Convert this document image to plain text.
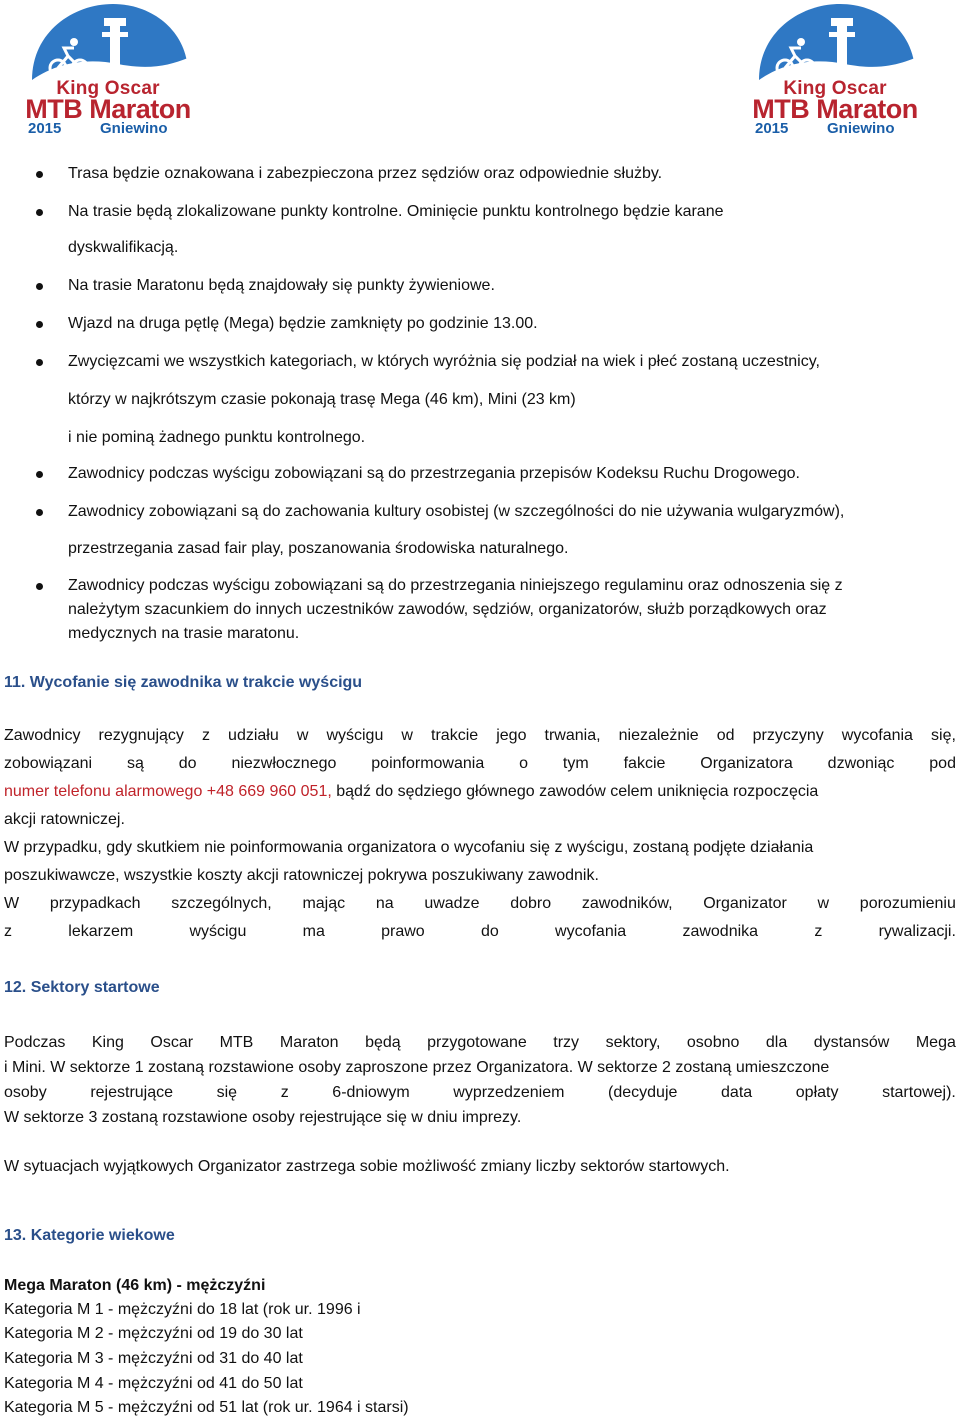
King Oscar
MTB Maraton
2015	Gniewino
King Oscar
MTB Maraton
2015	Gniewino
Trasa będzie oznakowana i zabezpieczona przez sędziów oraz odpowiednie służby.
Na trasie będą zlokalizowane punkty kontrolne. Ominięcie punktu kontrolnego będzie karane
dyskwalifikacją.
Na trasie Maratonu będą znajdowały się punkty żywieniowe.
Wjazd na druga pętlę (Mega) będzie zamknięty po godzinie 13.00.
Zwycięzcami we wszystkich kategoriach, w których wyróżnia się podział na wiek i płeć zostaną uczestnicy,
którzy w najkrótszym czasie pokonają trasę Mega (46 km), Mini (23 km)
i nie pominą żadnego punktu kontrolnego.
Zawodnicy podczas wyścigu zobowiązani są do przestrzegania przepisów Kodeksu Ruchu Drogowego.
Zawodnicy zobowiązani są do zachowania kultury osobistej (w szczególności do nie używania wulgaryzmów),
przestrzegania zasad fair play, poszanowania środowiska naturalnego.
Zawodnicy podczas wyścigu zobowiązani są do przestrzegania niniejszego regulaminu oraz odnoszenia się z
należytym szacunkiem do innych uczestników zawodów, sędziów, organizatorów, służb porządkowych oraz
medycznych na trasie maratonu.
11. Wycofanie się zawodnika w trakcie wyścigu
Zawodnicy rezygnujący z udziału w wyścigu w trakcie jego trwania, niezależnie od przyczyny wycofania się,
zobowiązani są do niezwłocznego poinformowania o tym fakcie Organizatora dzwoniąc pod
numer telefonu alarmowego +48 669 960 051, bądź do sędziego głównego zawodów celem uniknięcia rozpoczęcia
akcji ratowniczej.
W przypadku, gdy skutkiem nie poinformowania organizatora o wycofaniu się z wyścigu, zostaną podjęte działania
poszukiwawcze, wszystkie koszty akcji ratowniczej pokrywa poszukiwany zawodnik.
W przypadkach szczególnych, mając na uwadze dobro zawodników, Organizator w porozumieniu
z	lekarzem	wyścigu	ma	prawo	do	wycofania	zawodnika	z	rywalizacji.
12. Sektory startowe
Podczas King Oscar MTB Maraton będą przygotowane trzy sektory, osobno dla dystansów Mega
i Mini. W sektorze 1 zostaną rozstawione osoby zaproszone przez Organizatora. W sektorze 2 zostaną umieszczone
osoby	rejestrujące	się	z	6-dniowym	wyprzedzeniem	(decyduje	data	opłaty	startowej).
W sektorze 3 zostaną rozstawione osoby rejestrujące się w dniu imprezy.
W sytuacjach wyjątkowych Organizator zastrzega sobie możliwość zmiany liczby sektorów startowych.
13. Kategorie wiekowe
Mega Maraton (46 km) - mężczyźni
Kategoria M 1 - mężczyźni do 18 lat (rok ur. 1996 i
Kategoria M 2 - mężczyźni od 19 do 30 lat
Kategoria M 3 - mężczyźni od 31 do 40 lat
Kategoria M 4 - mężczyźni od 41 do 50 lat
Kategoria M 5 - mężczyźni od 51 lat (rok ur. 1964 i starsi)
